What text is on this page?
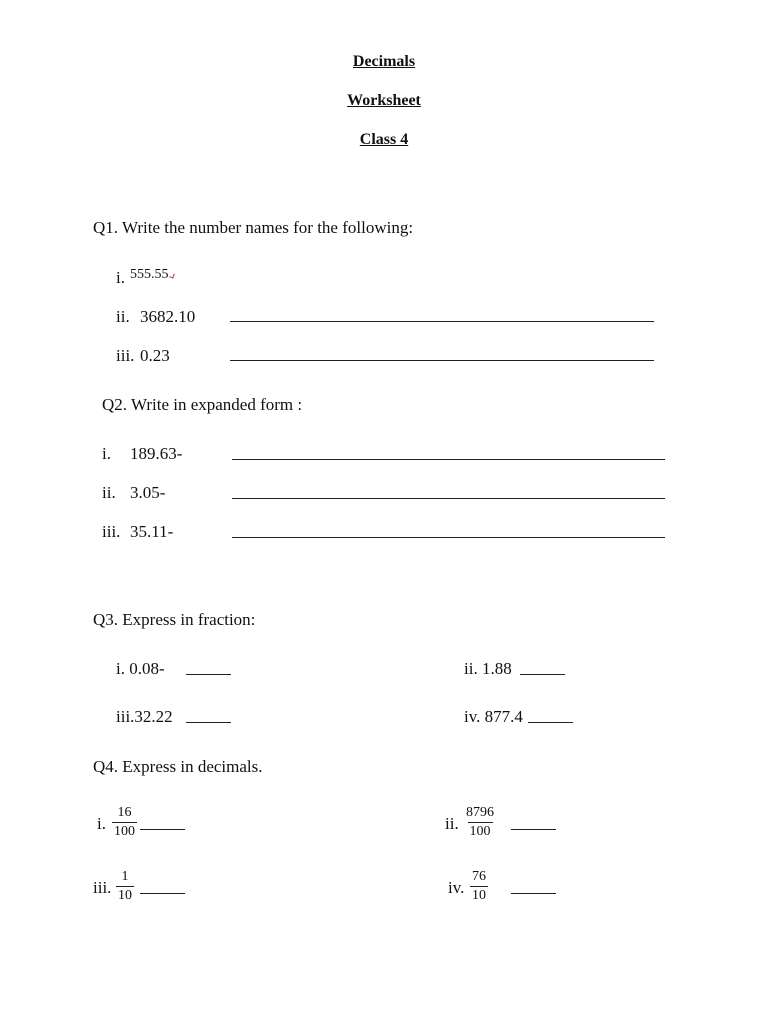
Decimals
Worksheet
Class 4
Q1. Write the number names for the following:
i. 555.55
ii. 3682.10
iii. 0.23
Q2. Write in expanded form :
i. 189.63-
ii. 3.05-
iii. 35.11-
Q3. Express in fraction:
i. 0.08-	ii. 1.88
iii.32.22	iv. 877.4
Q4. Express in decimals.
i. $\frac{16}{100}$	ii. $\frac{8796}{100}$
iii. $\frac{1}{10}$	iv. $\frac{76}{10}$
